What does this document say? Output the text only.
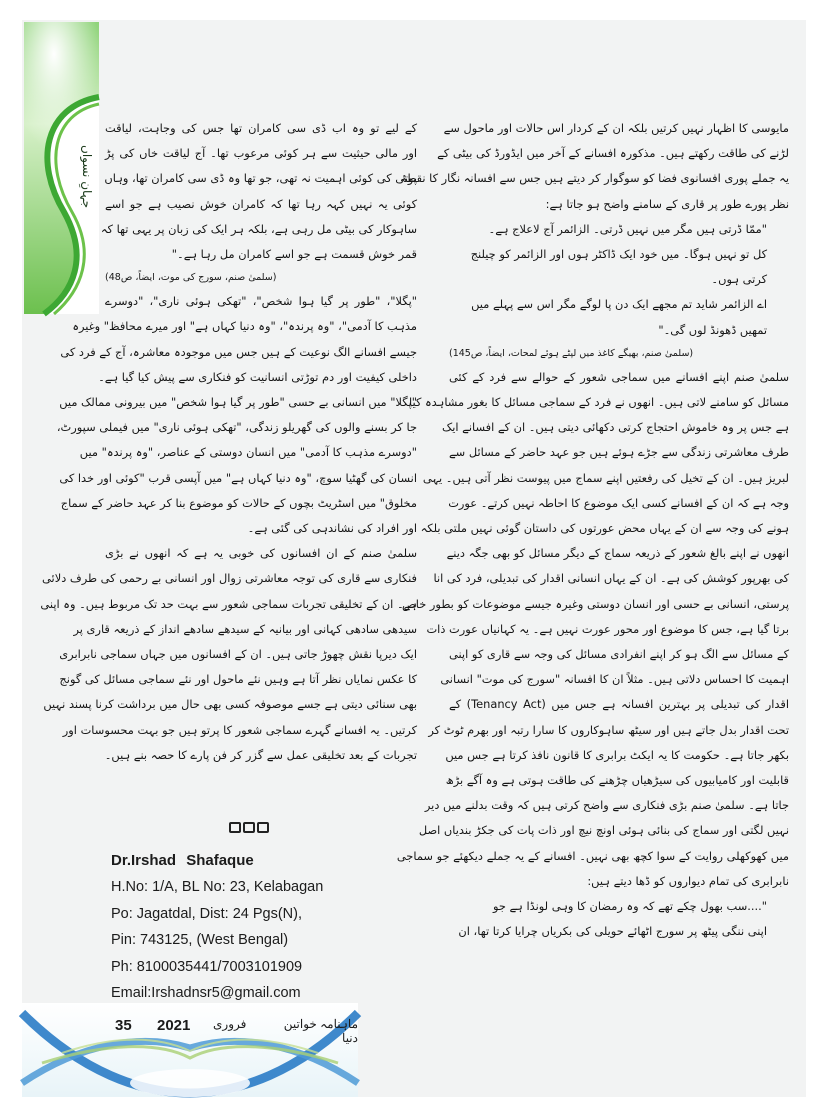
جہانِ نسواں

کے لیے تو وہ اب ڈی سی کامران تھا جس کی وجاہت، لیاقت
اور مالی حیثیت سے ہر کوئی مرعوب تھا۔ آج لیاقت خاں کی پڑ
پوتی کی کوئی اہمیت نہ تھی، جو تھا وہ ڈی سی کامران تھا، وہاں
کوئی یہ نہیں کہہ رہا تھا کہ کامران خوش نصیب ہے جو اسے
ساہوکار کی بیٹی مل رہی ہے، بلکہ ہر ایک کی زبان پر یہی تھا کہ
قمر خوش قسمت ہے جو اسے کامران مل رہا ہے۔"

(سلمیٰ صنم، سورج کی موت، ایضاً، ص48)

"پگلا"، "طور پر گیا ہوا شخص"، "تھکی ہوئی ناری"، "دوسرے
مذہب کا آدمی"، "وہ پرندہ"، "وہ دنیا کہاں ہے" اور میرے محافظ" وغیرہ
جیسے افسانے الگ نوعیت کے ہیں جس میں موجودہ معاشرہ، آج کے فرد کی
داخلی کیفیت اور دم توڑتی انسانیت کو فنکاری سے پیش کیا گیا ہے۔
"پگلا" میں انسانی بے حسی "طور پر گیا ہوا شخص" میں بیرونی ممالک میں
جا کر بسنے والوں کی گھریلو زندگی، "تھکی ہوئی ناری" میں فیملی سپورٹ،
"دوسرے مذہب کا آدمی" میں انسان دوستی کے عناصر، "وہ پرندہ" میں
انسان کی گھٹیا سوچ، "وہ دنیا کہاں ہے" میں آپسی قرب "کوئی اور خدا کی
مخلوق" میں اسٹریٹ بچوں کے حالات کو موضوع بنا کر عہد حاضر کے سماج
اور افراد کی نشاندہی کی گئی ہے۔

سلمیٰ صنم کے ان افسانوں کی خوبی یہ ہے کہ انھوں نے بڑی
فنکاری سے قاری کی توجہ معاشرتی زوال اور انسانی بے رحمی کی طرف دلائی
ہے۔ ان کے تخلیقی تجربات سماجی شعور سے بہت حد تک مربوط ہیں۔ وہ اپنی
سیدھی سادھی کہانی اور بیانیہ کے سیدھے سادھے انداز کے ذریعہ قاری پر
ایک دیرپا نقش چھوڑ جاتی ہیں۔ ان کے افسانوں میں جہاں سماجی نابرابری
کا عکس نمایاں نظر آتا ہے وہیں نئے ماحول اور نئے سماجی مسائل کی گونج
بھی سنائی دیتی ہے جسے موصوفہ کسی بھی حال میں برداشت کرنا پسند نہیں
کرتیں۔ یہ افسانے گہرے سماجی شعور کا پرتو ہیں جو بہت محسوسات اور
تجربات کے بعد تخلیقی عمل سے گزر کر فن پارے کا حصہ بنے ہیں۔

Dr.Irshad Shafaque
H.No: 1/A, BL No: 23, Kelabagan
Po: Jagatdal, Dist: 24 Pgs(N),
Pin: 743125, (West Bengal)
Ph: 8100035441/7003101909
Email:Irshadnsr5@gmail.com

مایوسی کا اظہار نہیں کرتیں بلکہ ان کے کردار اس حالات اور ماحول سے
لڑنے کی طاقت رکھتے ہیں۔ مذکورہ افسانے کے آخر میں ایڈورڈ کی بیٹی کے
یہ جملے پوری افسانوی فضا کو سوگوار کر دیتے ہیں جس سے افسانہ نگار کا نقطۂ
نظر پورے طور پر قاری کے سامنے واضح ہو جاتا ہے:

"ممّا ڈرتی ہیں مگر میں نہیں ڈرتی۔ الزائمر آج لاعلاج ہے۔
کل تو نہیں ہوگا۔ میں خود ایک ڈاکٹر ہوں اور الزائمر کو چیلنج
کرتی ہوں۔
اے الزائمر شاید تم مجھے ایک دن پا لوگے مگر اس سے پہلے میں
تمھیں ڈھونڈ لوں گی۔"

(سلمیٰ صنم، بھیگے کاغذ میں لپٹے ہوئے لمحات، ایضاً، ص145)

سلمیٰ صنم اپنے افسانے میں سماجی شعور کے حوالے سے فرد کے کئی
مسائل کو سامنے لاتی ہیں۔ انھوں نے فرد کے سماجی مسائل کا بغور مشاہدہ کیا
ہے جس پر وہ خاموش احتجاج کرتی دکھائی دیتی ہیں۔ ان کے افسانے ایک
طرف معاشرتی زندگی سے جڑے ہوئے ہیں جو عہد حاضر کے مسائل سے
لبریز ہیں۔ ان کے تخیل کی رفعتیں اپنے سماج میں پیوست نظر آتی ہیں۔ یہی
وجہ ہے کہ ان کے افسانے کسی ایک موضوع کا احاطہ نہیں کرتے۔ عورت
ہونے کی وجہ سے ان کے یہاں محض عورتوں کی داستان گوئی نہیں ملتی بلکہ
انھوں نے اپنے بالغ شعور کے ذریعہ سماج کے دیگر مسائل کو بھی جگہ دینے
کی بھرپور کوشش کی ہے۔ ان کے یہاں انسانی اقدار کی تبدیلی، فرد کی انا
پرستی، انسانی بے حسی اور انسان دوستی وغیرہ جیسے موضوعات کو بطور خاص
برتا گیا ہے، جس کا موضوع اور محور عورت نہیں ہے۔ یہ کہانیاں عورت ذات
کے مسائل سے الگ ہو کر اپنے انفرادی مسائل کی وجہ سے قاری کو اپنی
اہمیت کا احساس دلاتی ہیں۔ مثلاً ان کا افسانہ "سورج کی موت" انسانی
اقدار کی تبدیلی پر بہترین افسانہ ہے جس میں (Tenancy Act) کے
تحت اقدار بدل جاتے ہیں اور سیٹھ ساہوکاروں کا سارا رتبہ اور بھرم ٹوٹ کر
بکھر جاتا ہے۔ حکومت کا یہ ایکٹ برابری کا قانون نافذ کرتا ہے جس میں
قابلیت اور کامیابیوں کی سیڑھیاں چڑھنے کی طاقت ہوتی ہے وہ آگے بڑھ
جاتا ہے۔ سلمیٰ صنم بڑی فنکاری سے واضح کرتی ہیں کہ وقت بدلنے میں دیر
نہیں لگتی اور سماج کی بنائی ہوئی اونچ نیچ اور ذات پات کی جکڑ بندیاں اصل
میں کھوکھلی روایت کے سوا کچھ بھی نہیں۔ افسانے کے یہ جملے دیکھئے جو سماجی
نابرابری کی تمام دیواروں کو ڈھا دیتے ہیں:

"....سب بھول چکے تھے کہ وہ رمضان کا وہی لونڈا ہے جو
اپنی ننگی پیٹھ پر سورج اٹھائے حویلی کی بکریاں چرایا کرتا تھا، ان

35 2021 فروری	ماہنامہ خواتین دنیا
